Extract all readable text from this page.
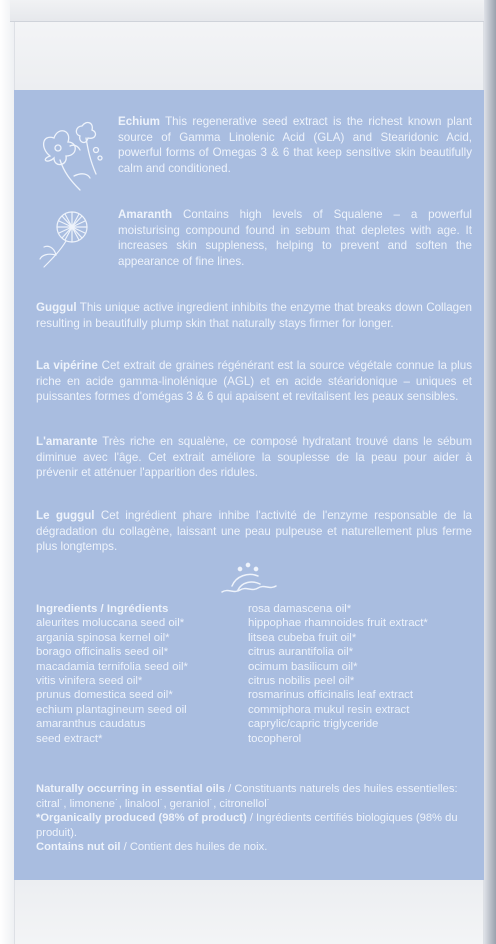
Echium This regenerative seed extract is the richest known plant source of Gamma Linolenic Acid (GLA) and Stearidonic Acid, powerful forms of Omegas 3 & 6 that keep sensitive skin beautifully calm and conditioned.
Amaranth Contains high levels of Squalene – a powerful moisturising compound found in sebum that depletes with age. It increases skin suppleness, helping to prevent and soften the appearance of fine lines.
Guggul This unique active ingredient inhibits the enzyme that breaks down Collagen resulting in beautifully plump skin that naturally stays firmer for longer.
La vipérine Cet extrait de graines régénérant est la source végétale connue la plus riche en acide gamma-linolénique (AGL) et en acide stéaridonique – uniques et puissantes formes d'omégas 3 & 6 qui apaisent et revitalisent les peaux sensibles.
L'amarante Très riche en squalène, ce composé hydratant trouvé dans le sébum diminue avec l'âge. Cet extrait améliore la souplesse de la peau pour aider à prévenir et atténuer l'apparition des ridules.
Le guggul Cet ingrédient phare inhibe l'activité de l'enzyme responsable de la dégradation du collagène, laissant une peau pulpeuse et naturellement plus ferme plus longtemps.
Ingredients / Ingrédients
aleurites moluccana seed oil*
argania spinosa kernel oil*
borago officinalis seed oil*
macadamia ternifolia seed oil*
vitis vinifera seed oil*
prunus domestica seed oil*
echium plantagineum seed oil
amaranthus caudatus
seed extract*
rosa damascena oil*
hippophae rhamnoides fruit extract*
litsea cubeba fruit oil*
citrus aurantifolia oil*
ocimum basilicum oil*
citrus nobilis peel oil*
rosmarinus officinalis leaf extract
commiphora mukul resin extract
caprylic/capric triglyceride
tocopherol
Naturally occurring in essential oils / Constituants naturels des huiles essentielles: citral˙, limonene˙, linalool˙, geraniol˙, citronellol˙
*Organically produced (98% of product) / Ingrédients certifiés biologiques (98% du produit).
Contains nut oil / Contient des huiles de noix.
